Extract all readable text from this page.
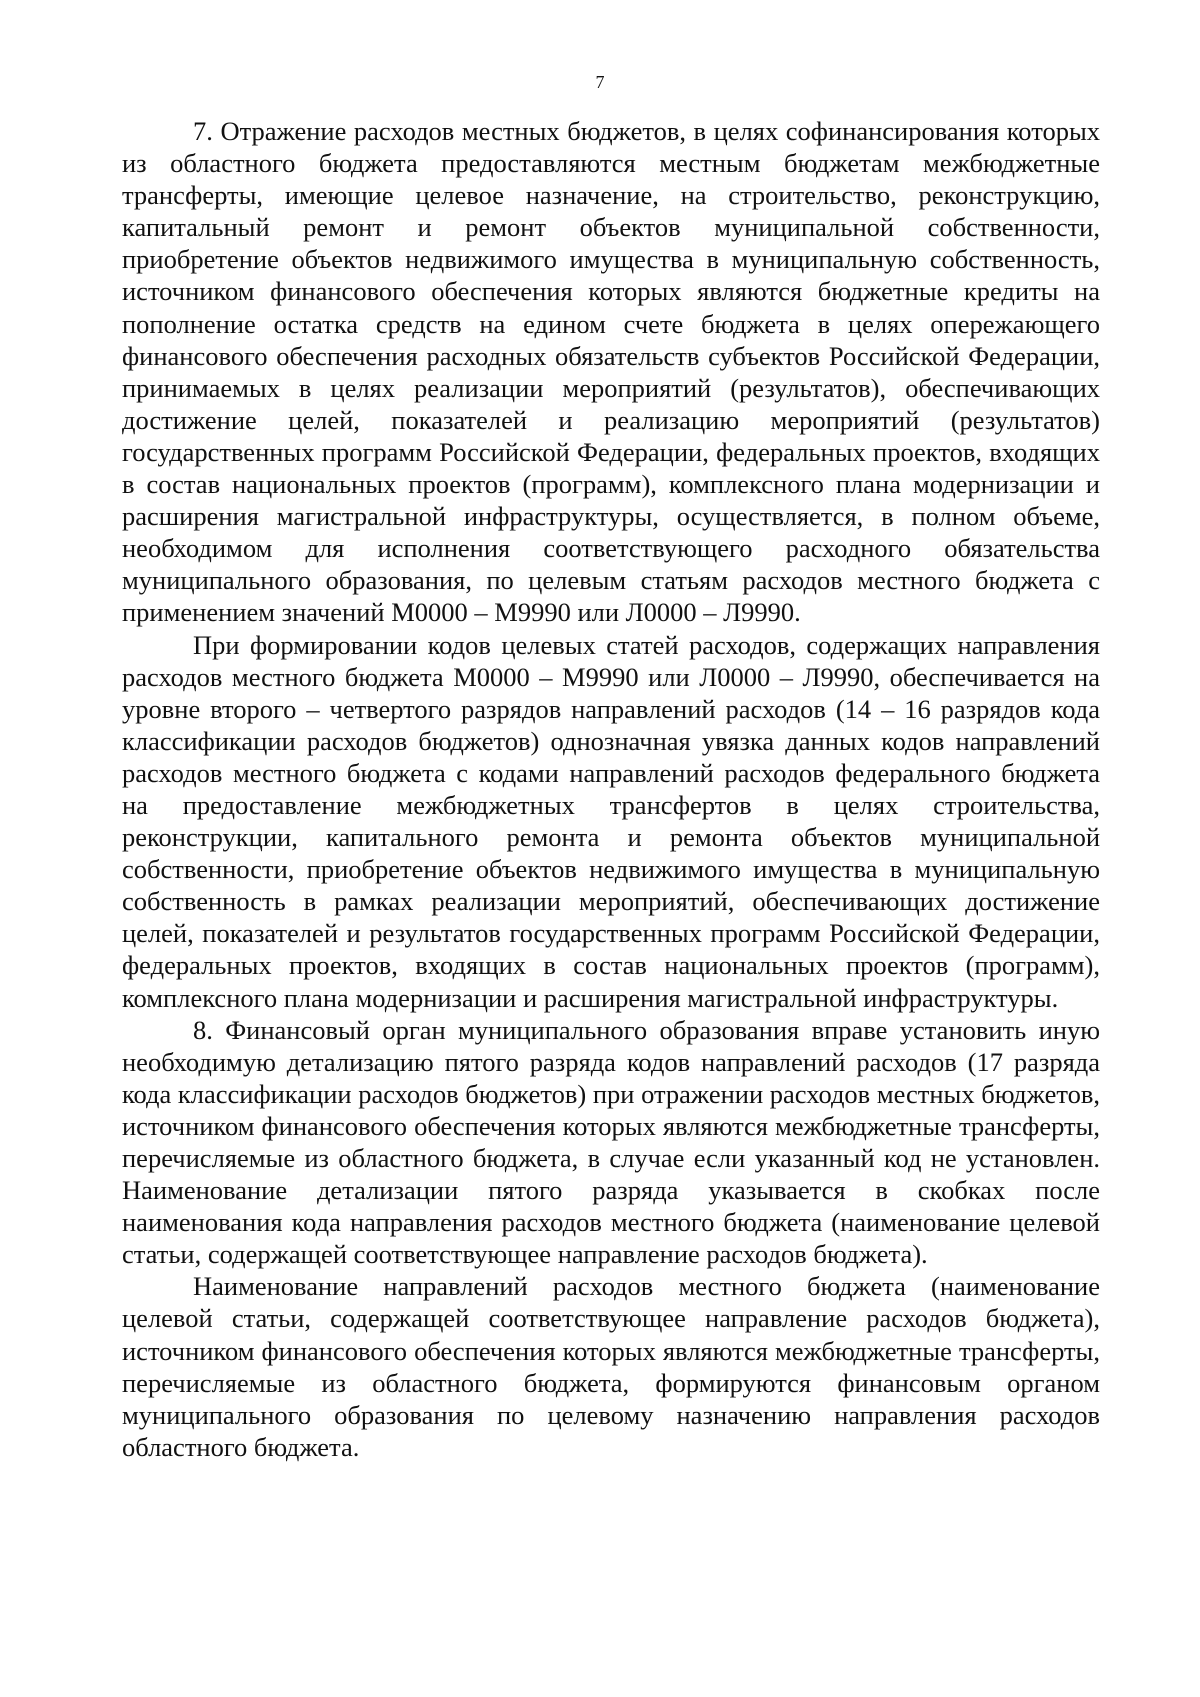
7

7. Отражение расходов местных бюджетов, в целях софинансирования которых из областного бюджета предоставляются местным бюджетам межбюджетные трансферты, имеющие целевое назначение, на строительство, реконструкцию, капитальный ремонт и ремонт объектов муниципальной собственности, приобретение объектов недвижимого имущества в муниципальную собственность, источником финансового обеспечения которых являются бюджетные кредиты на пополнение остатка средств на едином счете бюджета в целях опережающего финансового обеспечения расходных обязательств субъектов Российской Федерации, принимаемых в целях реализации мероприятий (результатов), обеспечивающих достижение целей, показателей и реализацию мероприятий (результатов) государственных программ Российской Федерации, федеральных проектов, входящих в состав национальных проектов (программ), комплексного плана модернизации и расширения магистральной инфраструктуры, осуществляется, в полном объеме, необходимом для исполнения соответствующего расходного обязательства муниципального образования, по целевым статьям расходов местного бюджета с применением значений М0000 – М9990 или Л0000 – Л9990.

При формировании кодов целевых статей расходов, содержащих направления расходов местного бюджета М0000 – М9990 или Л0000 – Л9990, обеспечивается на уровне второго – четвертого разрядов направлений расходов (14 – 16 разрядов кода классификации расходов бюджетов) однозначная увязка данных кодов направлений расходов местного бюджета с кодами направлений расходов федерального бюджета на предоставление межбюджетных трансфертов в целях строительства, реконструкции, капитального ремонта и ремонта объектов муниципальной собственности, приобретение объектов недвижимого имущества в муниципальную собственность в рамках реализации мероприятий, обеспечивающих достижение целей, показателей и результатов государственных программ Российской Федерации, федеральных проектов, входящих в состав национальных проектов (программ), комплексного плана модернизации и расширения магистральной инфраструктуры.

8. Финансовый орган муниципального образования вправе установить иную необходимую детализацию пятого разряда кодов направлений расходов (17 разряда кода классификации расходов бюджетов) при отражении расходов местных бюджетов, источником финансового обеспечения которых являются межбюджетные трансферты, перечисляемые из областного бюджета, в случае если указанный код не установлен. Наименование детализации пятого разряда указывается в скобках после наименования кода направления расходов местного бюджета (наименование целевой статьи, содержащей соответствующее направление расходов бюджета).

Наименование направлений расходов местного бюджета (наименование целевой статьи, содержащей соответствующее направление расходов бюджета), источником финансового обеспечения которых являются межбюджетные трансферты, перечисляемые из областного бюджета, формируются финансовым органом муниципального образования по целевому назначению направления расходов областного бюджета.
